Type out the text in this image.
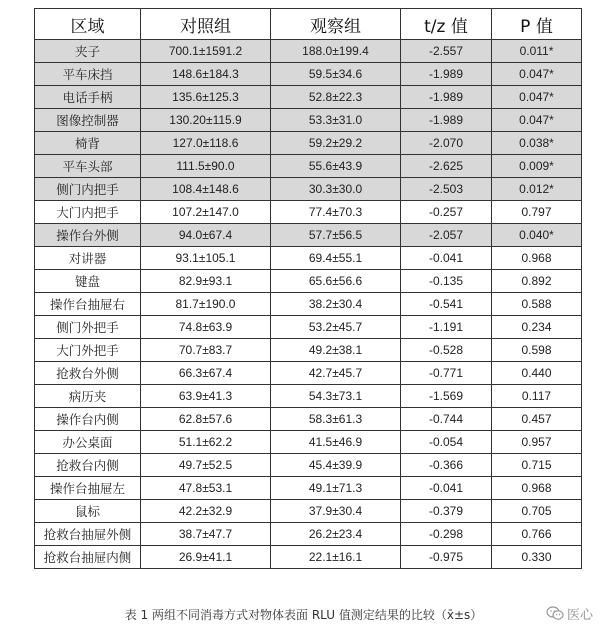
区域	对照组	观察组	t/z 值	P 值
夹子	700.1±1591.2	188.0±199.4	-2.557	0.011*
平车床挡	148.6±184.3	59.5±34.6	-1.989	0.047*
电话手柄	135.6±125.3	52.8±22.3	-1.989	0.047*
图像控制器	130.20±115.9	53.3±31.0	-1.989	0.047*
椅背	127.0±118.6	59.2±29.2	-2.070	0.038*
平车头部	111.5±90.0	55.6±43.9	-2.625	0.009*
侧门内把手	108.4±148.6	30.3±30.0	-2.503	0.012*
大门内把手	107.2±147.0	77.4±70.3	-0.257	0.797
操作台外侧	94.0±67.4	57.7±56.5	-2.057	0.040*
对讲器	93.1±105.1	69.4±55.1	-0.041	0.968
键盘	82.9±93.1	65.6±56.6	-0.135	0.892
操作台抽屉右	81.7±190.0	38.2±30.4	-0.541	0.588
侧门外把手	74.8±63.9	53.2±45.7	-1.191	0.234
大门外把手	70.7±83.7	49.2±38.1	-0.528	0.598
抢救台外侧	66.3±67.4	42.7±45.7	-0.771	0.440
病历夹	63.9±41.3	54.3±73.1	-1.569	0.117
操作台内侧	62.8±57.6	58.3±61.3	-0.744	0.457
办公桌面	51.1±62.2	41.5±46.9	-0.054	0.957
抢救台内侧	49.7±52.5	45.4±39.9	-0.366	0.715
操作台抽屉左	47.8±53.1	49.1±71.3	-0.041	0.968
鼠标	42.2±32.9	37.9±30.4	-0.379	0.705
抢救台抽屉外侧	38.7±47.7	26.2±23.4	-0.298	0.766
抢救台抽屉内侧	26.9±41.1	22.1±16.1	-0.975	0.330
表 1 两组不同消毒方式对物体表面 RLU 值测定结果的比较（x̄±s）	医心
